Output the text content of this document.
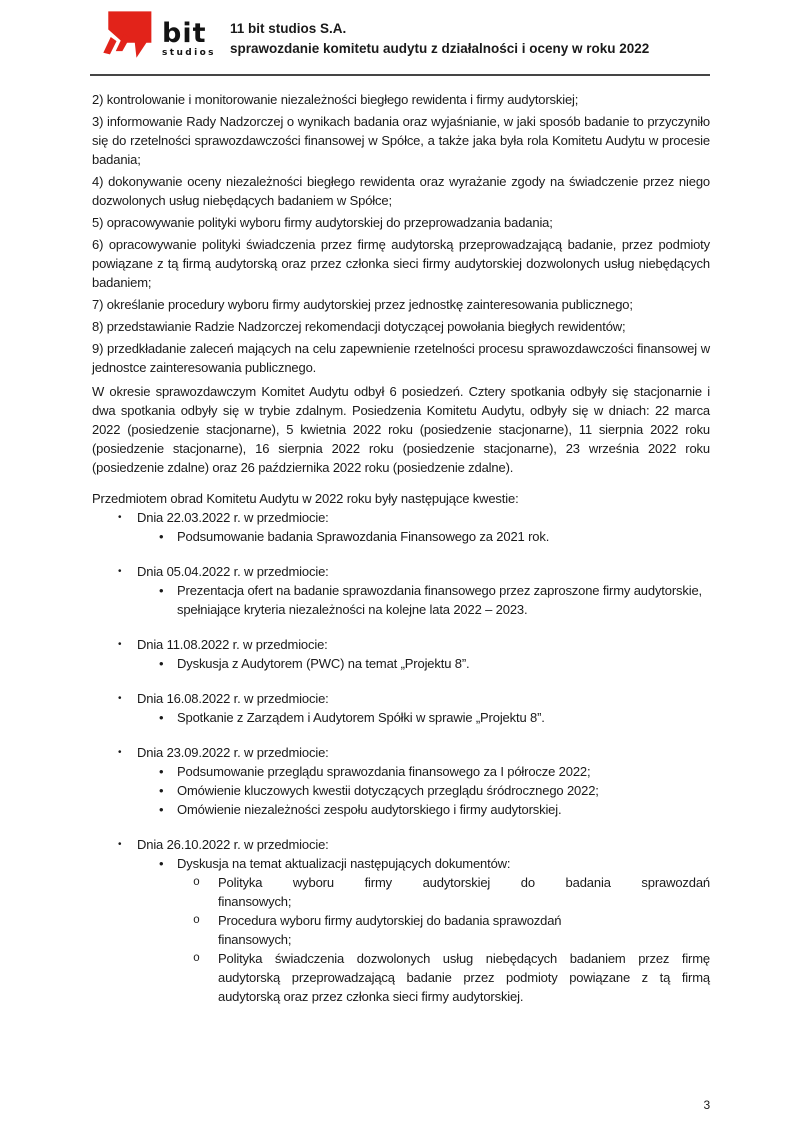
bit
studios
11 bit studios S.A.
sprawozdanie komitetu audytu z działalności i oceny w roku 2022

2) kontrolowanie i monitorowanie niezależności biegłego rewidenta i firmy audytorskiej;

3) informowanie Rady Nadzorczej o wynikach badania oraz wyjaśnianie, w jaki sposób badanie to przyczyniło się do rzetelności sprawozdawczości finansowej w Spółce, a także jaka była rola Komitetu Audytu w procesie badania;

4) dokonywanie oceny niezależności biegłego rewidenta oraz wyrażanie zgody na świadczenie przez niego dozwolonych usług niebędących badaniem w Spółce;

5) opracowywanie polityki wyboru firmy audytorskiej do przeprowadzania badania;

6) opracowywanie polityki świadczenia przez firmę audytorską przeprowadzającą badanie, przez podmioty powiązane z tą firmą audytorską oraz przez członka sieci firmy audytorskiej dozwolonych usług niebędących badaniem;

7) określanie procedury wyboru firmy audytorskiej przez jednostkę zainteresowania publicznego;

8) przedstawianie Radzie Nadzorczej rekomendacji dotyczącej powołania biegłych rewidentów;

9) przedkładanie zaleceń mających na celu zapewnienie rzetelności procesu sprawozdawczości finansowej w jednostce zainteresowania publicznego.

W okresie sprawozdawczym Komitet Audytu odbył 6 posiedzeń. Cztery spotkania odbyły się stacjonarnie i dwa spotkania odbyły się w trybie zdalnym. Posiedzenia Komitetu Audytu, odbyły się w dniach: 22 marca 2022 (posiedzenie stacjonarne), 5 kwietnia 2022 roku (posiedzenie stacjonarne), 11 sierpnia 2022 roku (posiedzenie stacjonarne), 16 sierpnia 2022 roku (posiedzenie stacjonarne), 23 września 2022 roku (posiedzenie zdalne) oraz 26 października 2022 roku (posiedzenie zdalne).

Przedmiotem obrad Komitetu Audytu w 2022 roku były następujące kwestie:

•	Dnia 22.03.2022 r. w przedmiocie:
•	Podsumowanie badania Sprawozdania Finansowego za 2021 rok.
•	Dnia 05.04.2022 r. w przedmiocie:
•	Prezentacja ofert na badanie sprawozdania finansowego przez zaproszone firmy audytorskie, spełniające kryteria niezależności na kolejne lata 2022 – 2023.
•	Dnia 11.08.2022 r. w przedmiocie:
•	Dyskusja z Audytorem (PWC) na temat „Projektu 8”.
•	Dnia 16.08.2022 r. w przedmiocie:
•	Spotkanie z Zarządem i Audytorem Spółki w sprawie „Projektu 8”.
•	Dnia 23.09.2022 r. w przedmiocie:
•	Podsumowanie przeglądu sprawozdania finansowego za I półrocze 2022;
•	Omówienie kluczowych kwestii dotyczących przeglądu śródrocznego 2022;
•	Omówienie niezależności zespołu audytorskiego i firmy audytorskiej.
•	Dnia 26.10.2022 r. w przedmiocie:
•	Dyskusja na temat aktualizacji następujących dokumentów:
o	Polityka wyboru firmy audytorskiej do badania sprawozdań
finansowych;
o	Procedura wyboru firmy audytorskiej do badania sprawozdań
finansowych;
o	Polityka świadczenia dozwolonych usług niebędących badaniem przez firmę audytorską przeprowadzającą badanie przez podmioty powiązane z tą firmą audytorską oraz przez członka sieci firmy audytorskiej.
3
